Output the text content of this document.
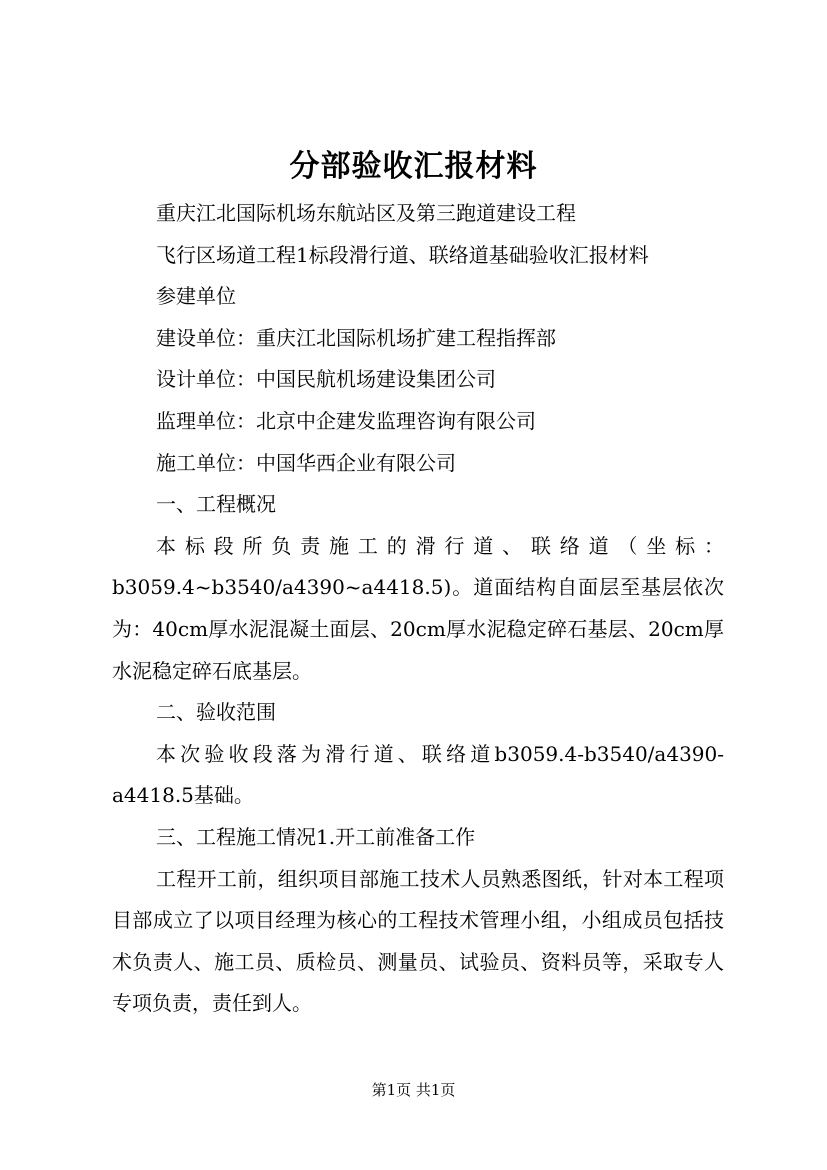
分部验收汇报材料

重庆江北国际机场东航站区及第三跑道建设工程

飞行区场道工程1标段滑行道、联络道基础验收汇报材料

参建单位

建设单位：重庆江北国际机场扩建工程指挥部

设计单位：中国民航机场建设集团公司

监理单位：北京中企建发监理咨询有限公司

施工单位：中国华西企业有限公司

一、工程概况

本标段所负责施工的滑行道、联络道（坐标：b3059.4~b3540/a4390~a4418.5)。道面结构自面层至基层依次为：40cm厚水泥混凝土面层、20cm厚水泥稳定碎石基层、20cm厚水泥稳定碎石底基层。

二、验收范围

本次验收段落为滑行道、联络道b3059.4-b3540/a4390-a4418.5基础。

三、工程施工情况1.开工前准备工作

工程开工前，组织项目部施工技术人员熟悉图纸，针对本工程项目部成立了以项目经理为核心的工程技术管理小组，小组成员包括技术负责人、施工员、质检员、测量员、试验员、资料员等，采取专人专项负责，责任到人。

第1页 共1页
